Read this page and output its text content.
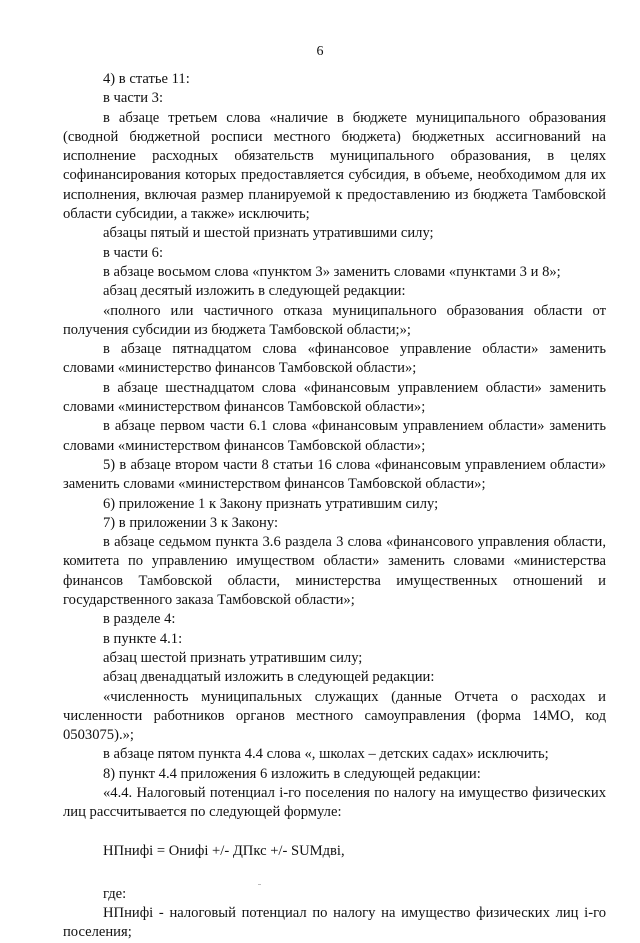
6

4) в статье 11:

в части 3:

в абзаце третьем слова «наличие в бюджете муниципального образования (сводной бюджетной росписи местного бюджета) бюджетных ассигнований на исполнение расходных обязательств муниципального образования, в целях софинансирования которых предоставляется субсидия, в объеме, необходимом для их исполнения, включая размер планируемой к предоставлению из бюджета Тамбовской области субсидии, а также» исключить;

абзацы пятый и шестой признать утратившими силу;

в части 6:

в абзаце восьмом слова «пунктом 3» заменить словами «пунктами 3 и 8»;

абзац десятый изложить в следующей редакции:

«полного или частичного отказа муниципального образования области от получения субсидии из бюджета Тамбовской области;»;

в абзаце пятнадцатом слова «финансовое управление области» заменить словами «министерство финансов Тамбовской области»;

в абзаце шестнадцатом слова «финансовым управлением области» заменить словами «министерством финансов Тамбовской области»;

в абзаце первом части 6.1 слова «финансовым управлением области» заменить словами «министерством финансов Тамбовской области»;

5) в абзаце втором части 8 статьи 16 слова «финансовым управлением области» заменить словами «министерством финансов Тамбовской области»;

6) приложение 1 к Закону признать утратившим силу;

7) в приложении 3 к Закону:

в абзаце седьмом пункта 3.6 раздела 3 слова «финансового управления области, комитета по управлению имуществом области» заменить словами «министерства финансов Тамбовской области, министерства имущественных отношений и государственного заказа Тамбовской области»;

в разделе 4:

в пункте 4.1:

абзац шестой признать утратившим силу;

абзац двенадцатый изложить в следующей редакции:

«численность муниципальных служащих (данные Отчета о расходах и численности работников органов местного самоуправления (форма 14МО, код 0503075).»;

в абзаце пятом пункта 4.4 слова «, школах – детских садах» исключить;

8) пункт 4.4 приложения 6 изложить в следующей редакции:

«4.4. Налоговый потенциал і-го поселения по налогу на имущество физических лиц рассчитывается по следующей формуле:

НПнифі = Онифі +/- ДПкс +/- SUMдві,

где:

НПнифі - налоговый потенциал по налогу на имущество физических лиц і-го поселения;
